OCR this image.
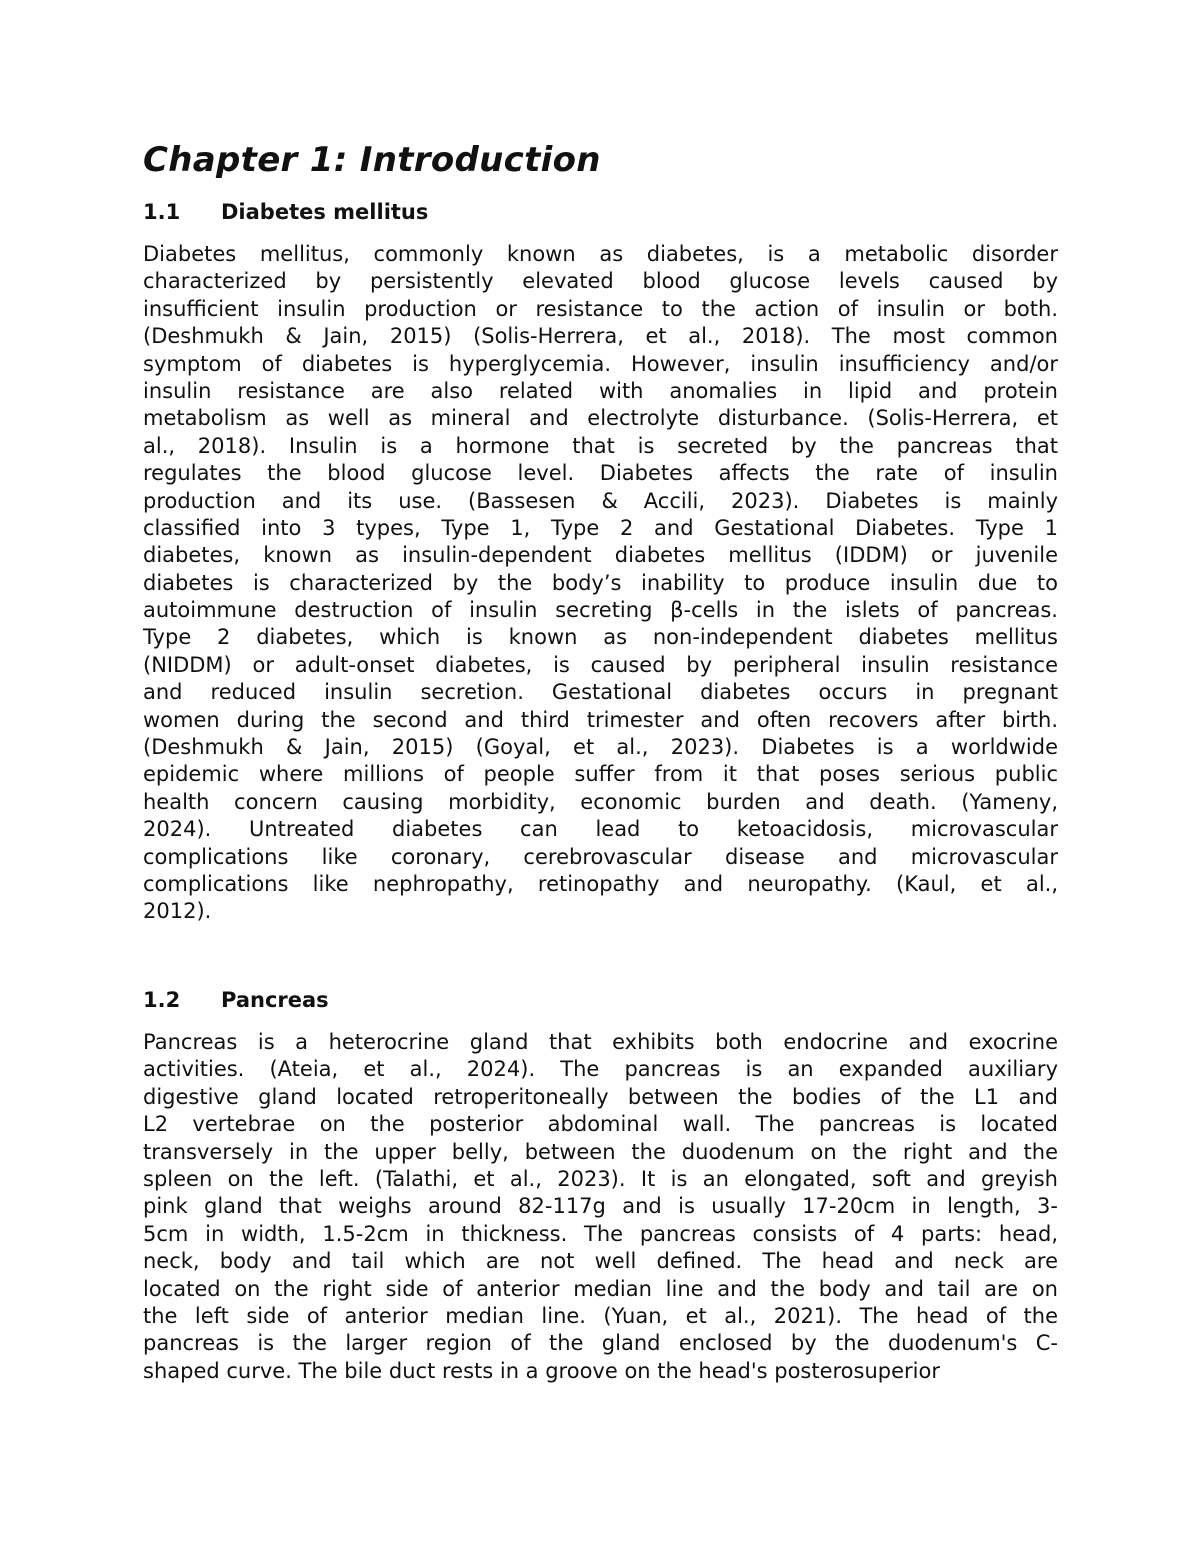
Chapter 1: Introduction
1.1 Diabetes mellitus
Diabetes mellitus, commonly known as diabetes, is a metabolic disorder
characterized by persistently elevated blood glucose levels caused by
insufficient insulin production or resistance to the action of insulin or both.
(Deshmukh & Jain, 2015) (Solis-Herrera, et al., 2018). The most common
symptom of diabetes is hyperglycemia. However, insulin insufficiency and/or
insulin resistance are also related with anomalies in lipid and protein
metabolism as well as mineral and electrolyte disturbance. (Solis-Herrera, et
al., 2018). Insulin is a hormone that is secreted by the pancreas that
regulates the blood glucose level. Diabetes affects the rate of insulin
production and its use. (Bassesen & Accili, 2023). Diabetes is mainly
classified into 3 types, Type 1, Type 2 and Gestational Diabetes. Type 1
diabetes, known as insulin-dependent diabetes mellitus (IDDM) or juvenile
diabetes is characterized by the body’s inability to produce insulin due to
autoimmune destruction of insulin secreting β-cells in the islets of pancreas.
Type 2 diabetes, which is known as non-independent diabetes mellitus
(NIDDM) or adult-onset diabetes, is caused by peripheral insulin resistance
and reduced insulin secretion. Gestational diabetes occurs in pregnant
women during the second and third trimester and often recovers after birth.
(Deshmukh & Jain, 2015) (Goyal, et al., 2023). Diabetes is a worldwide
epidemic where millions of people suffer from it that poses serious public
health concern causing morbidity, economic burden and death. (Yameny,
2024). Untreated diabetes can lead to ketoacidosis, microvascular
complications like coronary, cerebrovascular disease and microvascular
complications like nephropathy, retinopathy and neuropathy. (Kaul, et al.,
2012).
1.2 Pancreas
Pancreas is a heterocrine gland that exhibits both endocrine and exocrine
activities. (Ateia, et al., 2024). The pancreas is an expanded auxiliary
digestive gland located retroperitoneally between the bodies of the L1 and
L2 vertebrae on the posterior abdominal wall. The pancreas is located
transversely in the upper belly, between the duodenum on the right and the
spleen on the left. (Talathi, et al., 2023). It is an elongated, soft and greyish
pink gland that weighs around 82-117g and is usually 17-20cm in length, 3-
5cm in width, 1.5-2cm in thickness. The pancreas consists of 4 parts: head,
neck, body and tail which are not well defined. The head and neck are
located on the right side of anterior median line and the body and tail are on
the left side of anterior median line. (Yuan, et al., 2021). The head of the
pancreas is the larger region of the gland enclosed by the duodenum's C-
shaped curve. The bile duct rests in a groove on the head's posterosuperior
